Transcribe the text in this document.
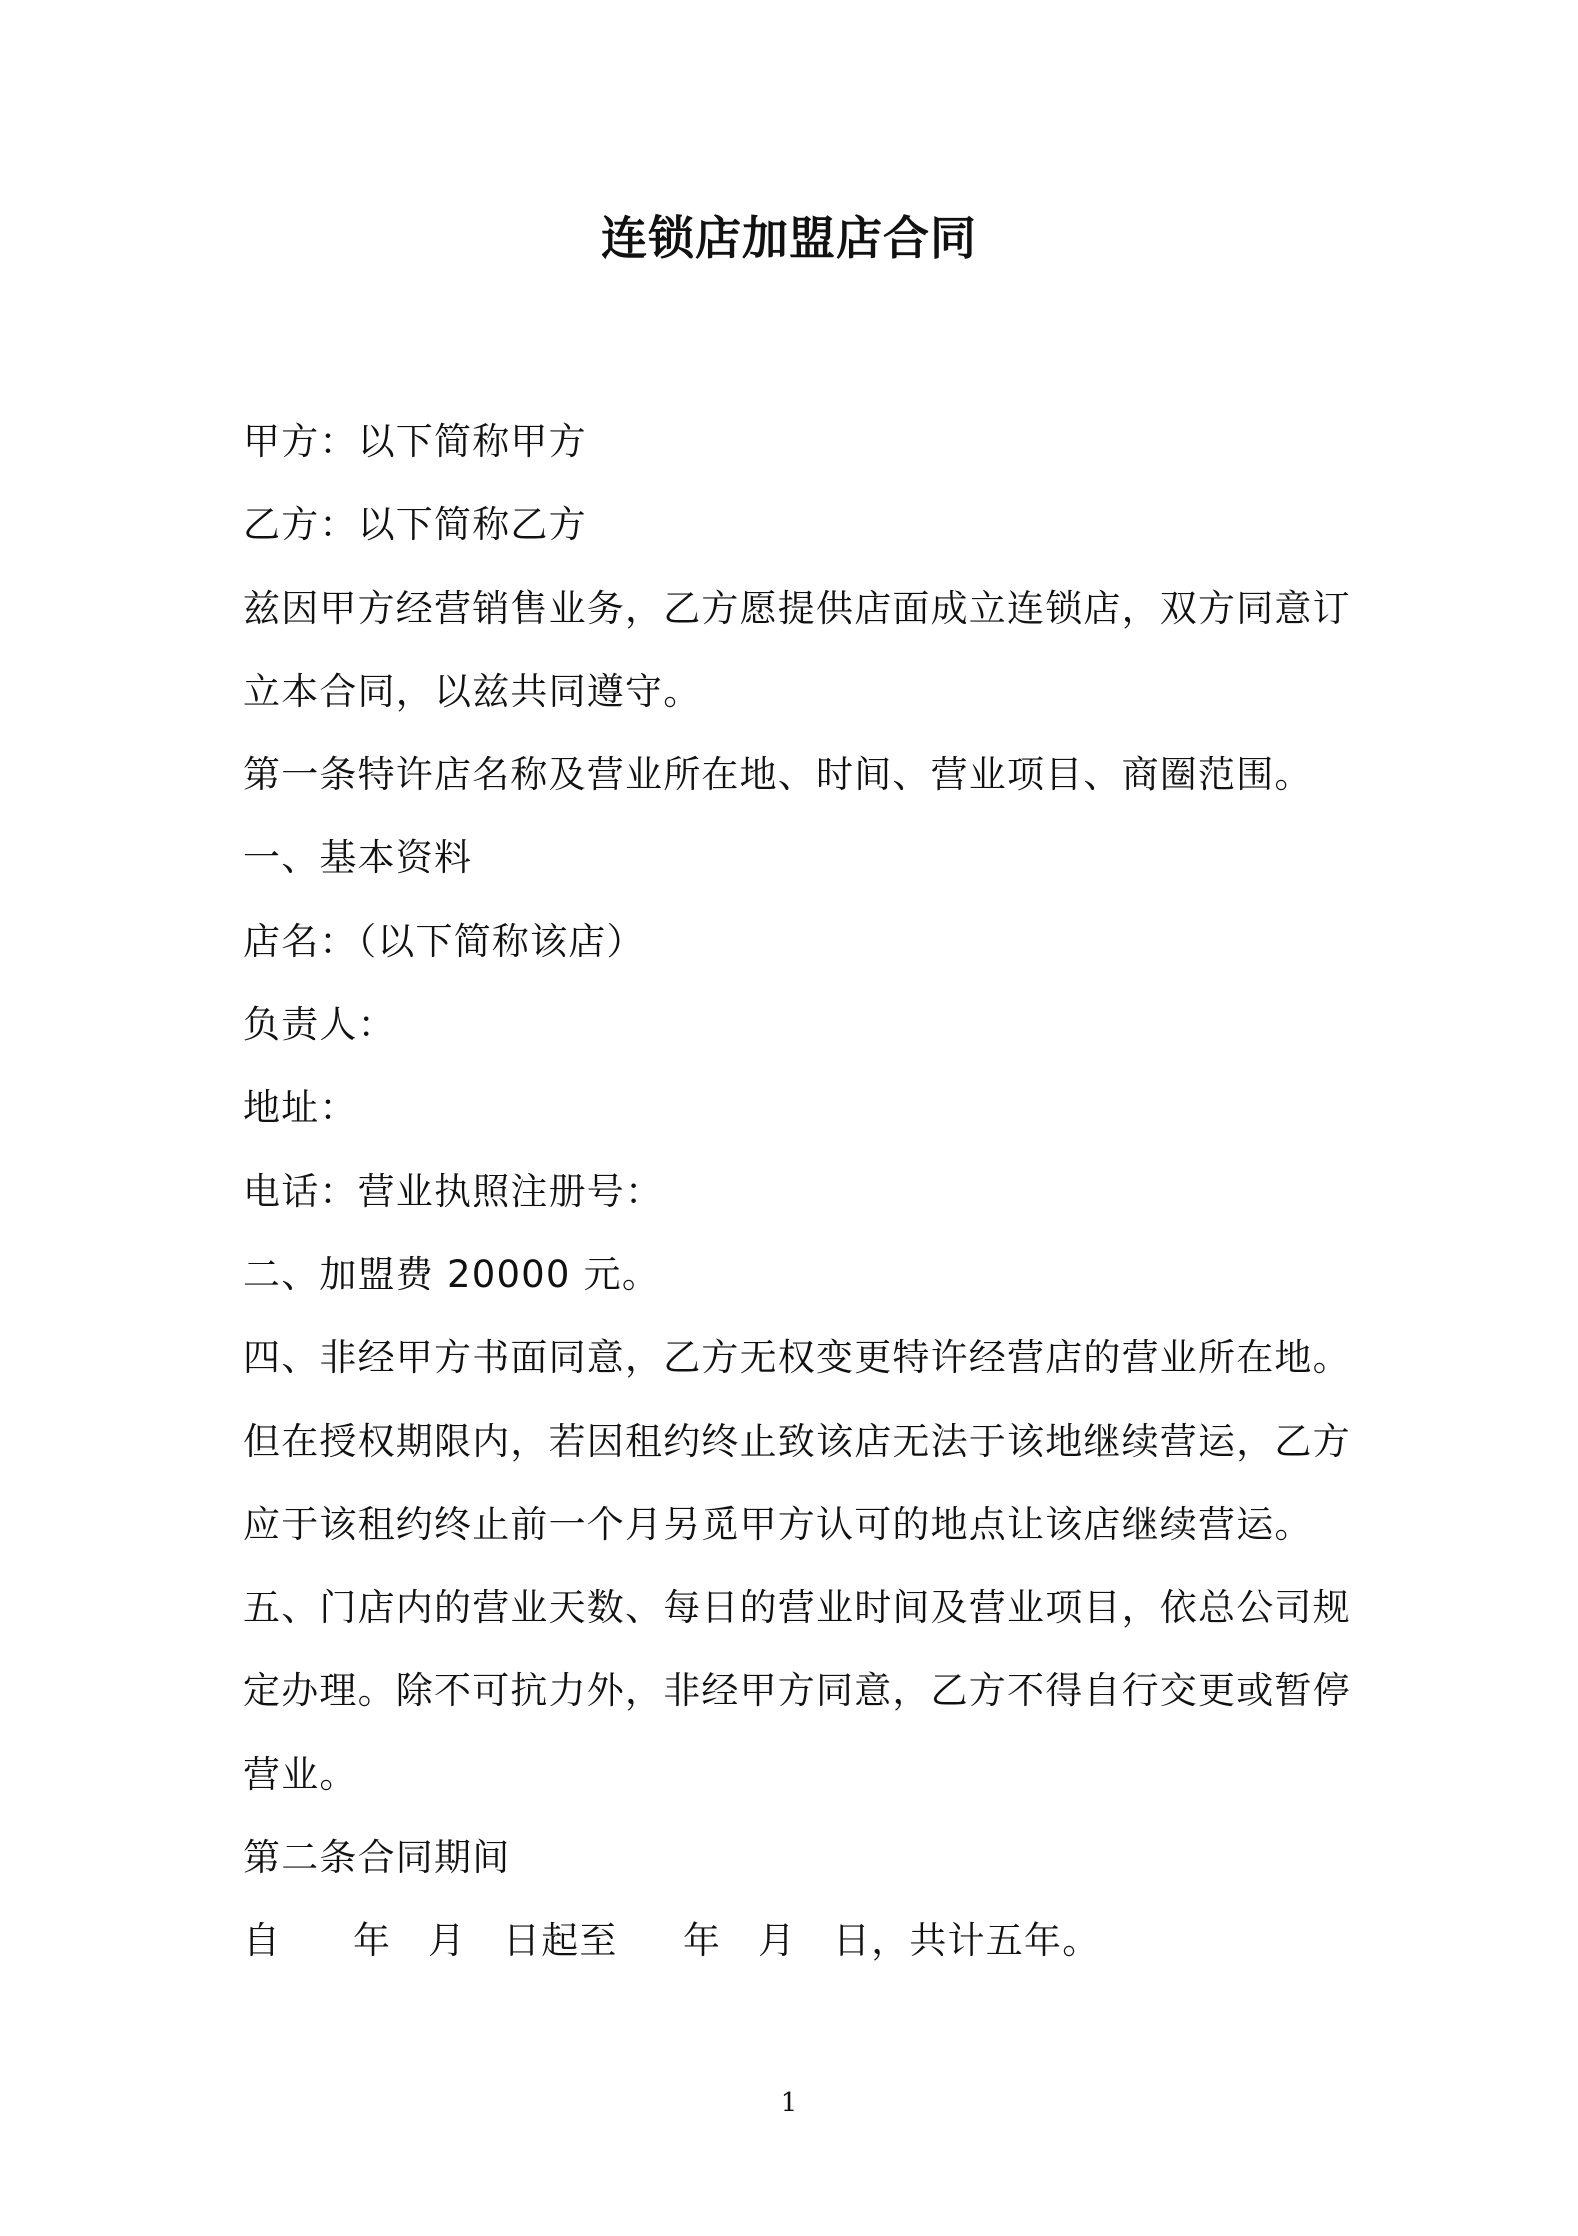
连锁店加盟店合同
甲方：以下简称甲方
乙方：以下简称乙方
兹因甲方经营销售业务，乙方愿提供店面成立连锁店，双方同意订
立本合同，以兹共同遵守。
第一条特许店名称及营业所在地、时间、营业项目、商圈范围。
一、基本资料
店名：（以下简称该店）
负责人：
地址：
电话：营业执照注册号：
二、加盟费 20000 元。
四、非经甲方书面同意，乙方无权变更特许经营店的营业所在地。
但在授权期限内，若因租约终止致该店无法于该地继续营运，乙方
应于该租约终止前一个月另觅甲方认可的地点让该店继续营运。
五、门店内的营业天数、每日的营业时间及营业项目，依总公司规
定办理。除不可抗力外，非经甲方同意，乙方不得自行交更或暂停
营业。
第二条合同期间
自	年 月 日起至	年 月 日，共计五年。
1
